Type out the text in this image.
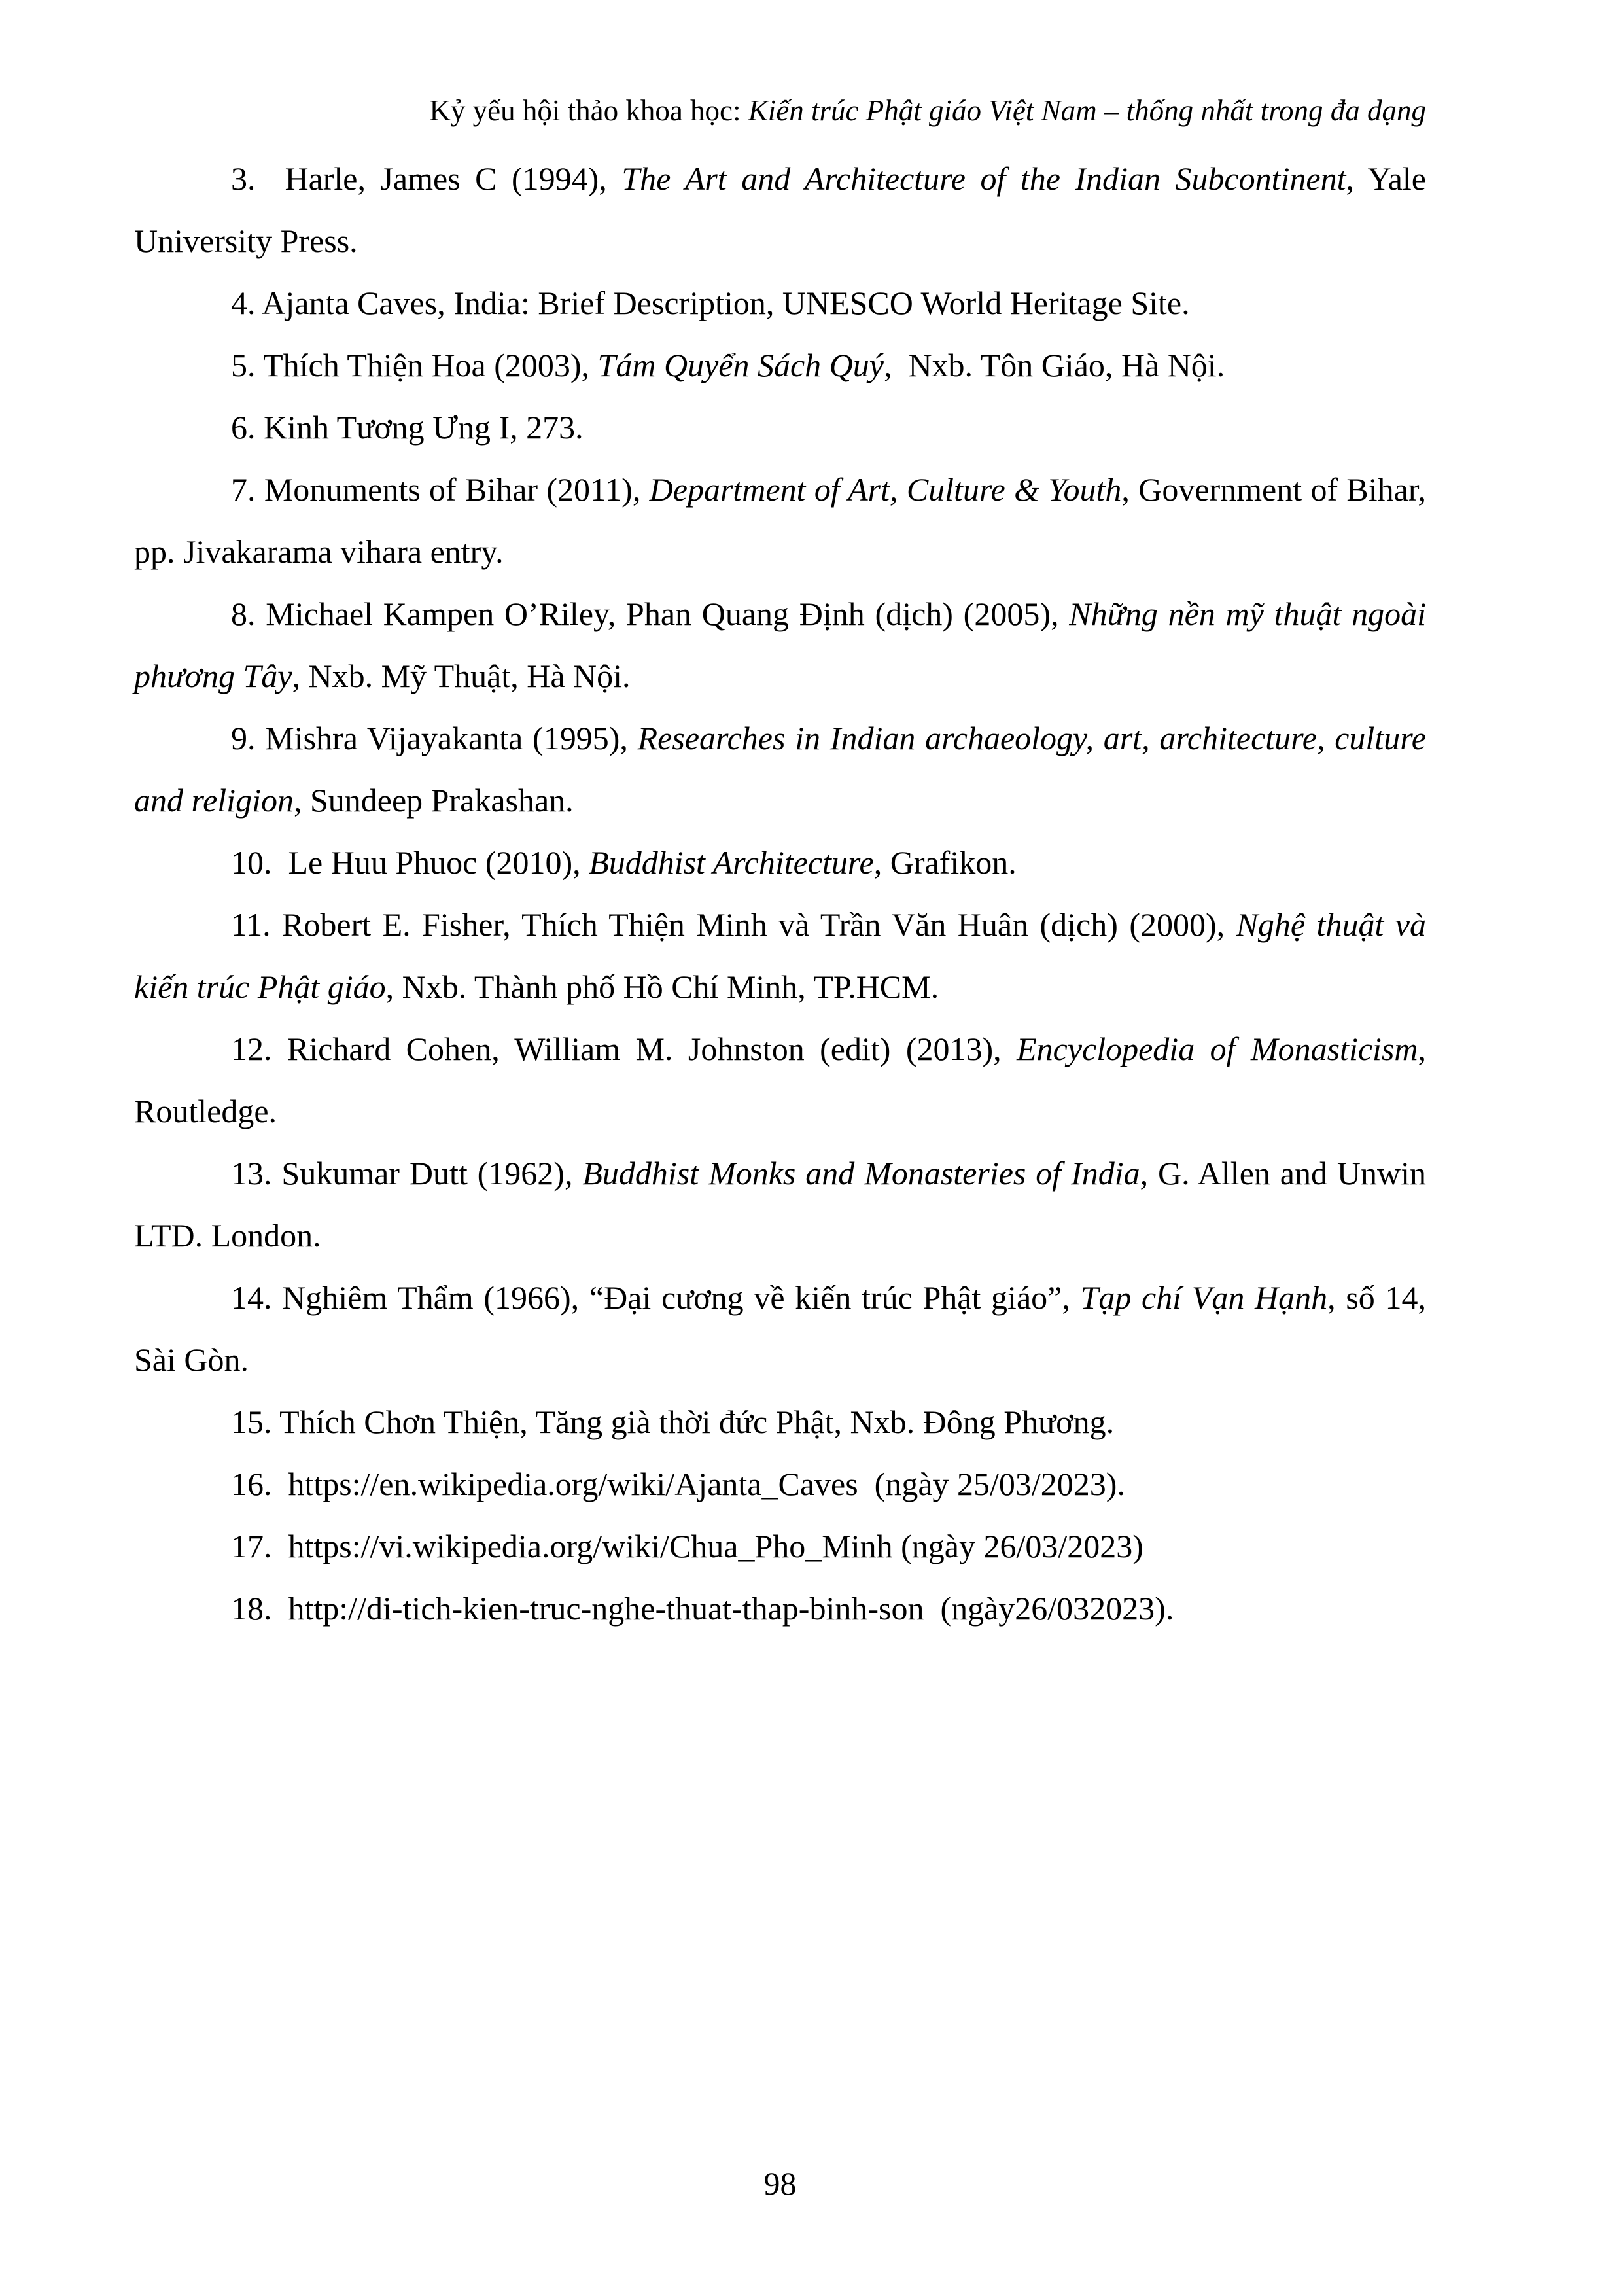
Kỷ yếu hội thảo khoa học: Kiến trúc Phật giáo Việt Nam – thống nhất trong đa dạng

3.  Harle, James C (1994), The Art and Architecture of the Indian Subcontinent, Yale University Press.

4. Ajanta Caves, India: Brief Description, UNESCO World Heritage Site.

5. Thích Thiện Hoa (2003), Tám Quyển Sách Quý,  Nxb. Tôn Giáo, Hà Nội.

6. Kinh Tương Ưng I, 273.

7. Monuments of Bihar (2011), Department of Art, Culture & Youth, Government of Bihar, pp. Jivakarama vihara entry.

8. Michael Kampen O’Riley, Phan Quang Định (dịch) (2005), Những nền mỹ thuật ngoài phương Tây, Nxb. Mỹ Thuật, Hà Nội.

9. Mishra Vijayakanta (1995), Researches in Indian archaeology, art, architecture, culture and religion, Sundeep Prakashan.

10.  Le Huu Phuoc (2010), Buddhist Architecture, Grafikon.

11. Robert E. Fisher, Thích Thiện Minh và Trần Văn Huân (dịch) (2000), Nghệ thuật và kiến trúc Phật giáo, Nxb. Thành phố Hồ Chí Minh, TP.HCM.

12. Richard Cohen, William M. Johnston (edit) (2013), Encyclopedia of Monasticism, Routledge.

13. Sukumar Dutt (1962), Buddhist Monks and Monasteries of India, G. Allen and Unwin LTD. London.

14. Nghiêm Thẩm (1966), “Đại cương về kiến trúc Phật giáo”, Tạp chí Vạn Hạnh, số 14, Sài Gòn.

15. Thích Chơn Thiện, Tăng già thời đức Phật, Nxb. Đông Phương.

16.  https://en.wikipedia.org/wiki/Ajanta_Caves  (ngày 25/03/2023).

17.  https://vi.wikipedia.org/wiki/Chua_Pho_Minh (ngày 26/03/2023)

18.  http://di-tich-kien-truc-nghe-thuat-thap-binh-son  (ngày26/032023).

98
